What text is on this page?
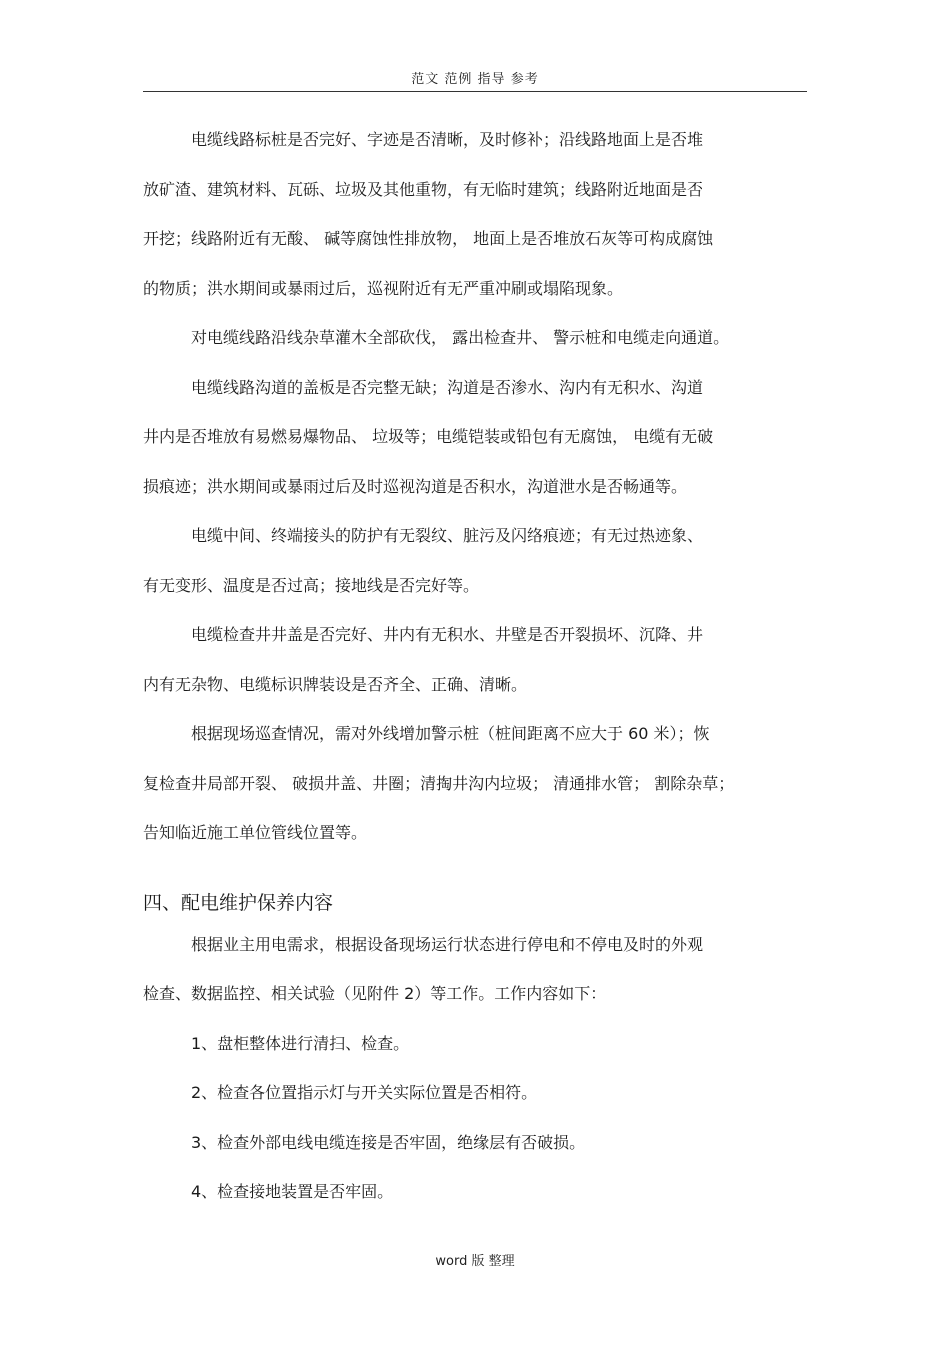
范文 范例 指导 参考
电缆线路标桩是否完好、字迹是否清晰，及时修补；沿线路地面上是否堆
放矿渣、建筑材料、瓦砾、垃圾及其他重物，有无临时建筑；线路附近地面是否
开挖；线路附近有无酸、 碱等腐蚀性排放物， 地面上是否堆放石灰等可构成腐蚀
的物质；洪水期间或暴雨过后，巡视附近有无严重冲刷或塌陷现象。
对电缆线路沿线杂草灌木全部砍伐， 露出检查井、 警示桩和电缆走向通道。
电缆线路沟道的盖板是否完整无缺；沟道是否渗水、沟内有无积水、沟道
井内是否堆放有易燃易爆物品、 垃圾等；电缆铠装或铅包有无腐蚀， 电缆有无破
损痕迹；洪水期间或暴雨过后及时巡视沟道是否积水，沟道泄水是否畅通等。
电缆中间、终端接头的防护有无裂纹、脏污及闪络痕迹；有无过热迹象、
有无变形、温度是否过高；接地线是否完好等。
电缆检查井井盖是否完好、井内有无积水、井壁是否开裂损坏、沉降、井
内有无杂物、电缆标识牌装设是否齐全、正确、清晰。
根据现场巡查情况，需对外线增加警示桩（桩间距离不应大于 60 米）；恢
复检查井局部开裂、 破损井盖、井圈；清掏井沟内垃圾； 清通排水管； 割除杂草；
告知临近施工单位管线位置等。
四、配电维护保养内容
根据业主用电需求，根据设备现场运行状态进行停电和不停电及时的外观
检查、数据监控、相关试验（见附件 2）等工作。工作内容如下：
1、盘柜整体进行清扫、检查。
2、检查各位置指示灯与开关实际位置是否相符。
3、检查外部电线电缆连接是否牢固，绝缘层有否破损。
4、检查接地装置是否牢固。
word 版 整理
